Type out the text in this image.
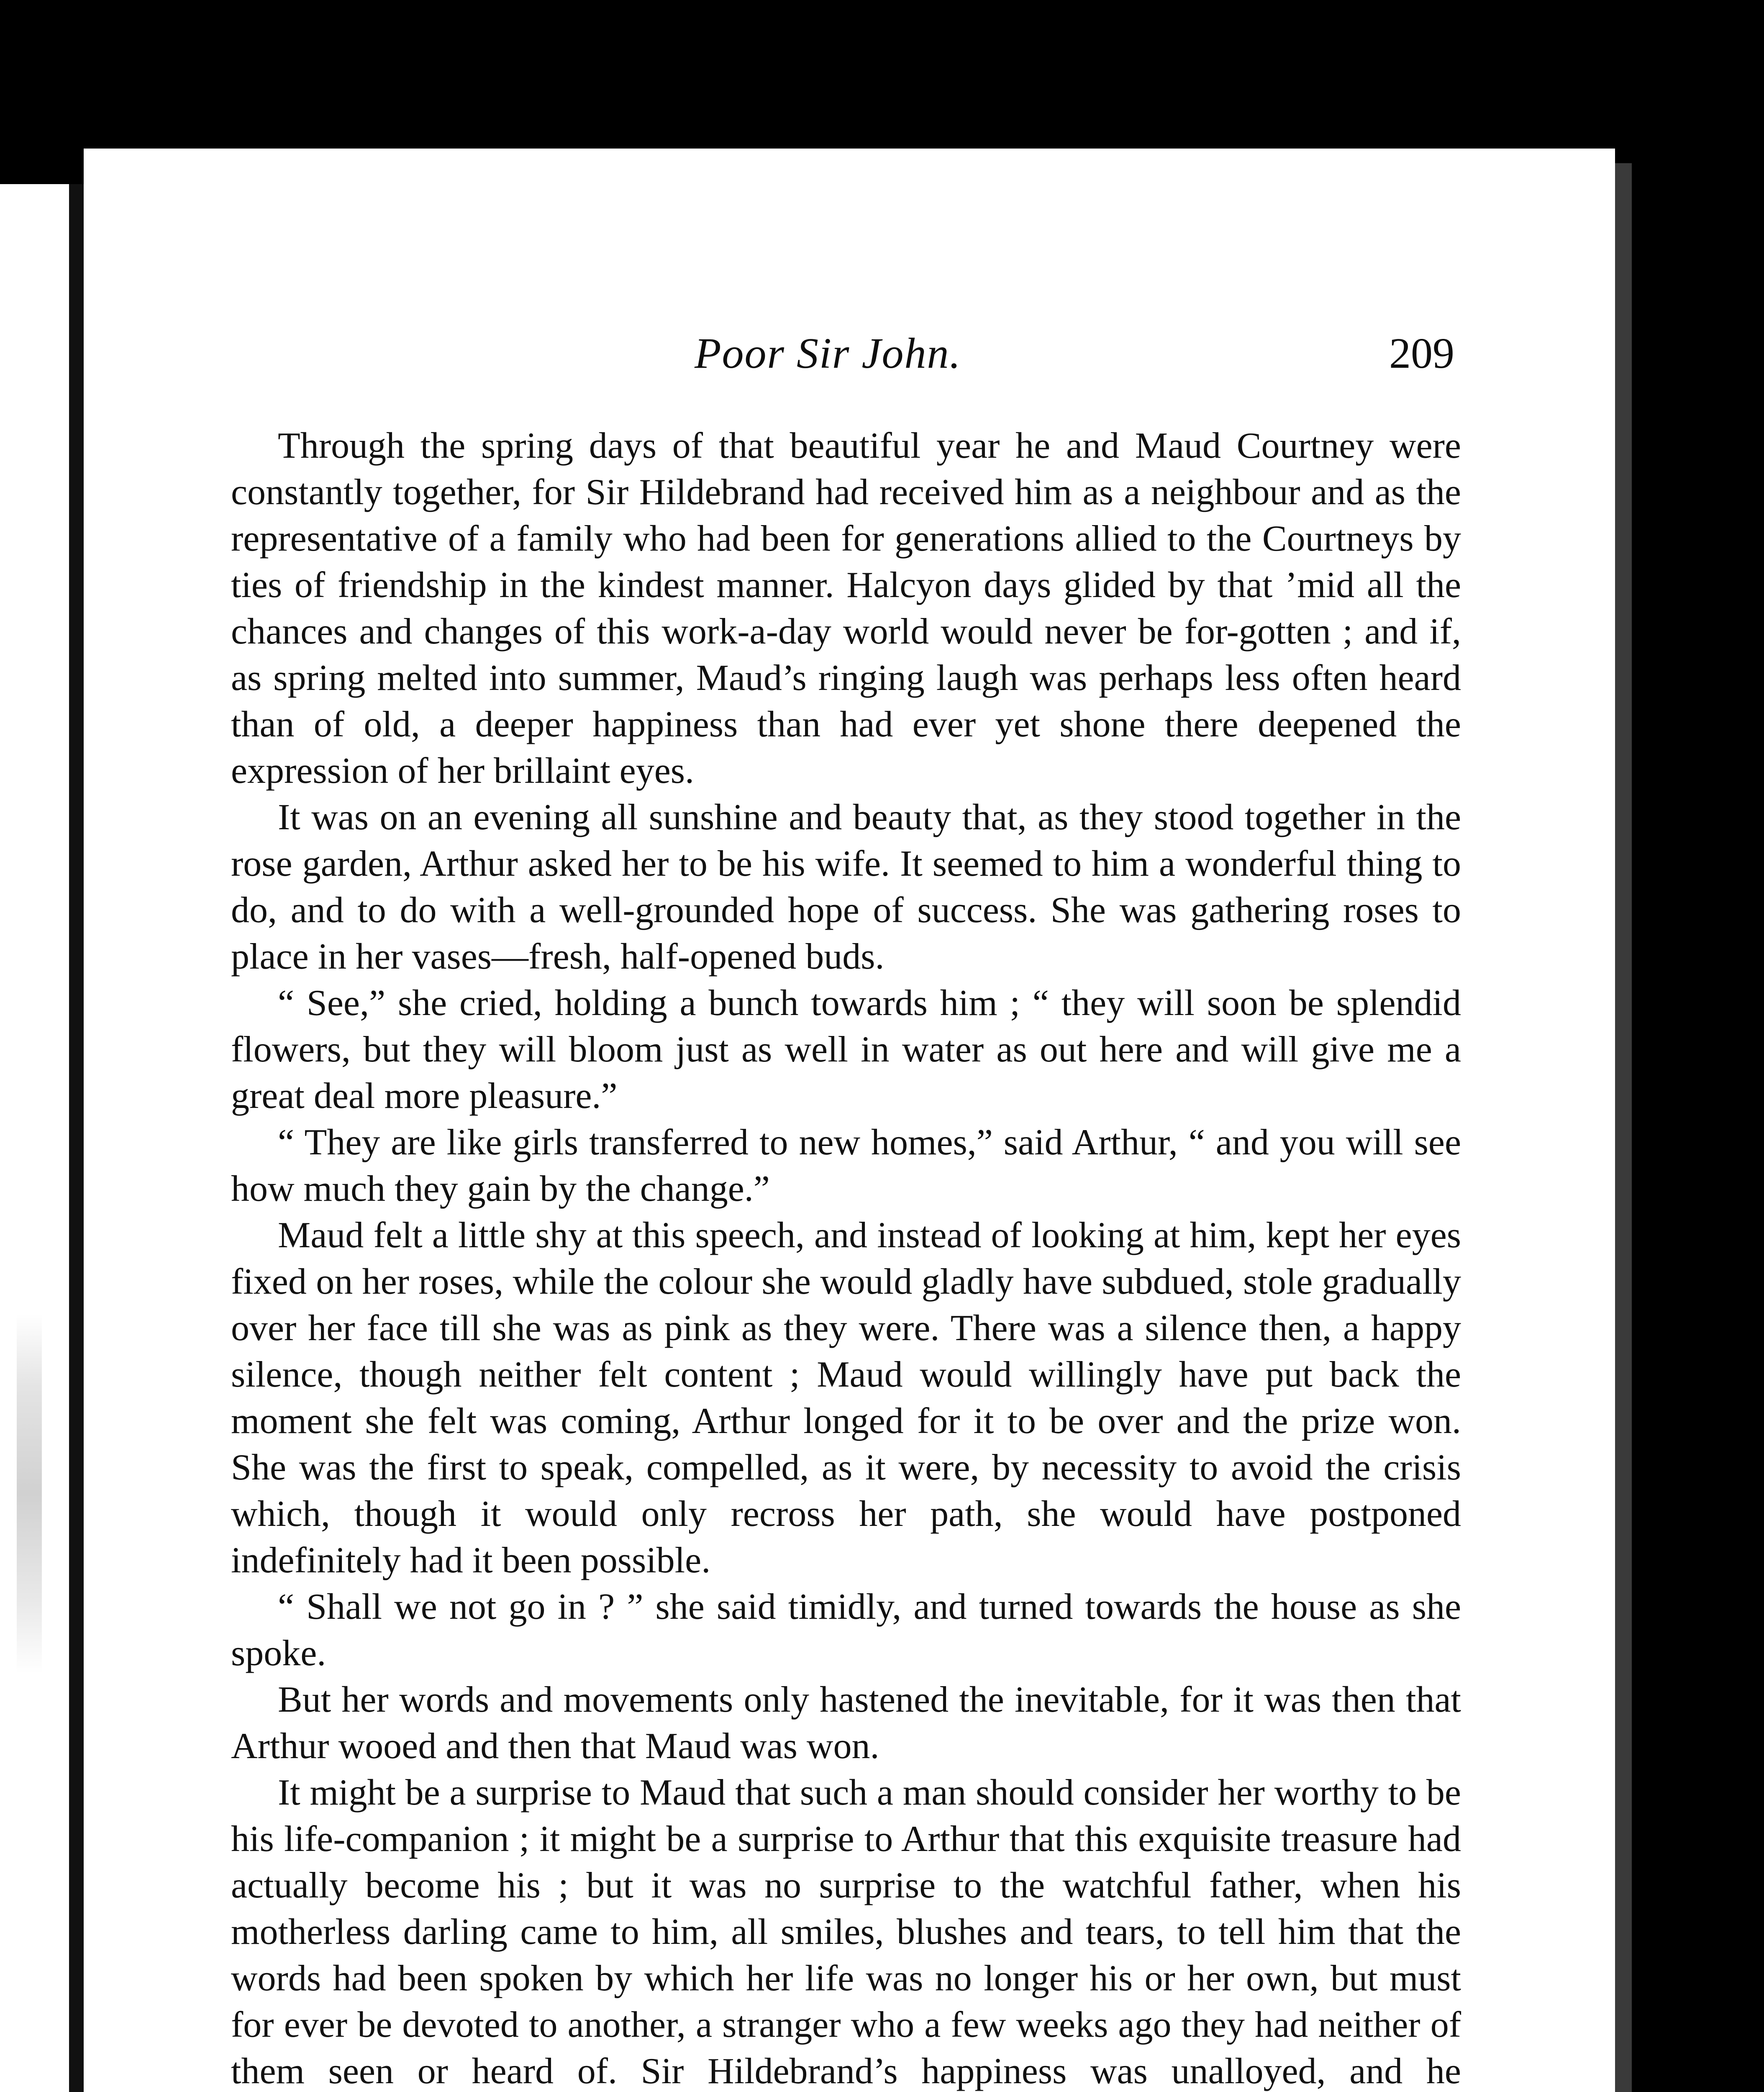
Poor Sir John.	209

Through the spring days of that beautiful year he and Maud Courtney were constantly together, for Sir Hildebrand had received him as a neighbour and as the representative of a family who had been for generations allied to the Courtneys by ties of friendship in the kindest manner. Halcyon days glided by that ’mid all the chances and changes of this work-a-day world would never be for-gotten ; and if, as spring melted into summer, Maud’s ringing laugh was perhaps less often heard than of old, a deeper happiness than had ever yet shone there deepened the expression of her brillaint eyes.

It was on an evening all sunshine and beauty that, as they stood together in the rose garden, Arthur asked her to be his wife. It seemed to him a wonderful thing to do, and to do with a well-grounded hope of success. She was gathering roses to place in her vases—fresh, half-opened buds.

“ See,” she cried, holding a bunch towards him ; “ they will soon be splendid flowers, but they will bloom just as well in water as out here and will give me a great deal more pleasure.”

“ They are like girls transferred to new homes,” said Arthur, “ and you will see how much they gain by the change.”

Maud felt a little shy at this speech, and instead of looking at him, kept her eyes fixed on her roses, while the colour she would gladly have subdued, stole gradually over her face till she was as pink as they were. There was a silence then, a happy silence, though neither felt content ; Maud would willingly have put back the moment she felt was coming, Arthur longed for it to be over and the prize won. She was the first to speak, compelled, as it were, by necessity to avoid the crisis which, though it would only recross her path, she would have postponed indefinitely had it been possible.

“ Shall we not go in ? ” she said timidly, and turned towards the house as she spoke.

But her words and movements only hastened the inevitable, for it was then that Arthur wooed and then that Maud was won.

It might be a surprise to Maud that such a man should consider her worthy to be his life-companion ; it might be a surprise to Arthur that this exquisite treasure had actually become his ; but it was no surprise to the watchful father, when his motherless darling came to him, all smiles, blushes and tears, to tell him that the words had been spoken by which her life was no longer his or her own, but must for ever be devoted to another, a stranger who a few weeks ago they had neither of them seen or heard of. Sir Hildebrand’s happiness was unalloyed, and he
